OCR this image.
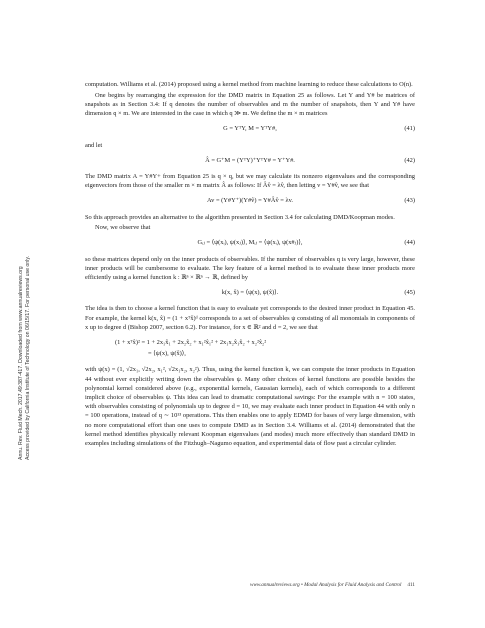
Annu. Rev. Fluid Mech. 2017.49:387-417. Downloaded from www.annualreviews.org Access provided by California Institute of Technology on 06/15/17. For personal use only.

computation. Williams et al. (2014) proposed using a kernel method from machine learning to reduce these calculations to O(n).

One begins by rearranging the expression for the DMD matrix in Equation 25 as follows. Let Y and Y# be matrices of snapshots as in Section 3.4: If q denotes the number of observables and m the number of snapshots, then Y and Y# have dimension q × m. We are interested in the case in which q ≫ m. We define the m × m matrices

G = YᵀY, M = YᵀY#,	(41)

and let

Â = G⁺M = (YᵀY)⁺YᵀY# = Y⁺Y#.	(42)

The DMD matrix A = Y#Y+ from Equation 25 is q × q, but we may calculate its nonzero eigenvalues and the corresponding eigenvectors from those of the smaller m × m matrix Â as follows: If Âv̂ = λv̂, then letting v = Y#v̂, we see that

Av = (Y#Y⁺)(Y#v̂) = Y#Âv̂ = λv.	(43)

So this approach provides an alternative to the algorithm presented in Section 3.4 for calculating DMD/Koopman modes.

Now, we observe that

Gᵢⱼ = ⟨ψ(xᵢ), ψ(xⱼ)⟩, Mᵢⱼ = ⟨ψ(xᵢ), ψ(x#ⱼ)⟩,	(44)

so these matrices depend only on the inner products of observables. If the number of observables q is very large, however, these inner products will be cumbersome to evaluate. The key feature of a kernel method is to evaluate these inner products more efficiently using a kernel function k : ℝⁿ × ℝⁿ → ℝ, defined by

k(x, x̂) = ⟨ψ(x), ψ(x̂)⟩.	(45)

The idea is then to choose a kernel function that is easy to evaluate yet corresponds to the desired inner product in Equation 45. For example, the kernel k(x, x̂) = (1 + xᵀx̂)ᵈ corresponds to a set of observables ψ consisting of all monomials in components of x up to degree d (Bishop 2007, section 6.2). For instance, for x ∈ ℝ² and d = 2, we see that

(1 + xᵀx̂)² = 1 + 2x₁x̂₁ + 2x₂x̂₂ + x₁²x̂₁² + 2x₁x₂x̂₁x̂₂ + x₂²x̂₂²
= ⟨ψ(x), ψ(x̂)⟩,

with ψ(x) = (1, √2x₁, √2x₂, x₁², √2x₁x₂, x₂²). Thus, using the kernel function k, we can compute the inner products in Equation 44 without ever explicitly writing down the observables ψ. Many other choices of kernel functions are possible besides the polynomial kernel considered above (e.g., exponential kernels, Gaussian kernels), each of which corresponds to a different implicit choice of observables ψ. This idea can lead to dramatic computational savings: For the example with n = 100 states, with observables consisting of polynomials up to degree d = 10, we may evaluate each inner product in Equation 44 with only n = 100 operations, instead of q ∼ 10¹³ operations. This then enables one to apply EDMD for bases of very large dimension, with no more computational effort than one uses to compute DMD as in Section 3.4. Williams et al. (2014) demonstrated that the kernel method identifies physically relevant Koopman eigenvalues (and modes) much more effectively than standard DMD in examples including simulations of the Fitzhugh–Nagumo equation, and experimental data of flow past a circular cylinder.

www.annualreviews.org • Modal Analysis for Fluid Analysis and Control 411
